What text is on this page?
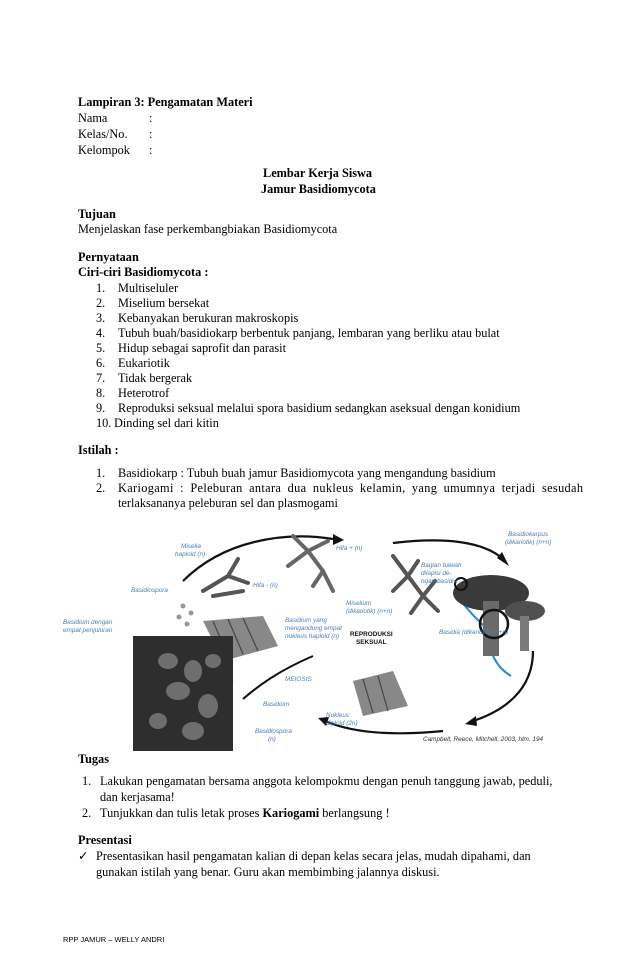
Lampiran 3: Pengamatan Materi
Nama	:
Kelas/No. :
Kelompok :
Lembar Kerja Siswa
Jamur Basidiomycota
Tujuan
Menjelaskan fase perkembangbiakan Basidiomycota
Pernyataan
Ciri-ciri Basidiomycota :
1. Multiseluler
2. Miselium bersekat
3. Kebanyakan berukuran makroskopis
4. Tubuh buah/basidiokarp berbentuk panjang, lembaran yang berliku atau bulat
5. Hidup sebagai saprofit dan parasit
6. Eukariotik
7. Tidak bergerak
8. Heterotrof
9. Reproduksi seksual melalui spora basidium sedangkan aseksual dengan konidium
10. Dinding sel dari kitin
Istilah :
1. Basidiokarp : Tubuh buah jamur Basidiomycota yang mengandung basidium
2. Kariogami : Peleburan antara dua nukleus kelamin, yang umumnya terjadi sesudah
terlaksananya peleburan sel dan plasmogami
Miselia
haploid (n)
Hifa + (n)
Hifa - (n)
Basidiokarpus
(dikariotik) (n+n)
Bagian bawah
dilapisi de-
ngan basidia
Miselium
(dikariotik) (n+n)
Basidiospora
REPRODUKSI
SEKSUAL
Basidium dengan
empat penjuluran
Basidium yang
mengandung empat
nukleus haploid (n)
Basidia (dikariotik) (n+n)
MEIOSIS
Basidium
Nukleus
diploid (2n)
Basidiospora
(n)	Campbell, Reece, Mitchell, 2003, hlm. 194
Tugas
1. Lakukan pengamatan bersama anggota kelompokmu dengan penuh tanggung jawab, peduli,
dan kerjasama!
2. Tunjukkan dan tulis letak proses Kariogami berlangsung !
Presentasi
✓ Presentasikan hasil pengamatan kalian di depan kelas secara jelas, mudah dipahami, dan
gunakan istilah yang benar. Guru akan membimbing jalannya diskusi.
RPP JAMUR – WELLY ANDRI
